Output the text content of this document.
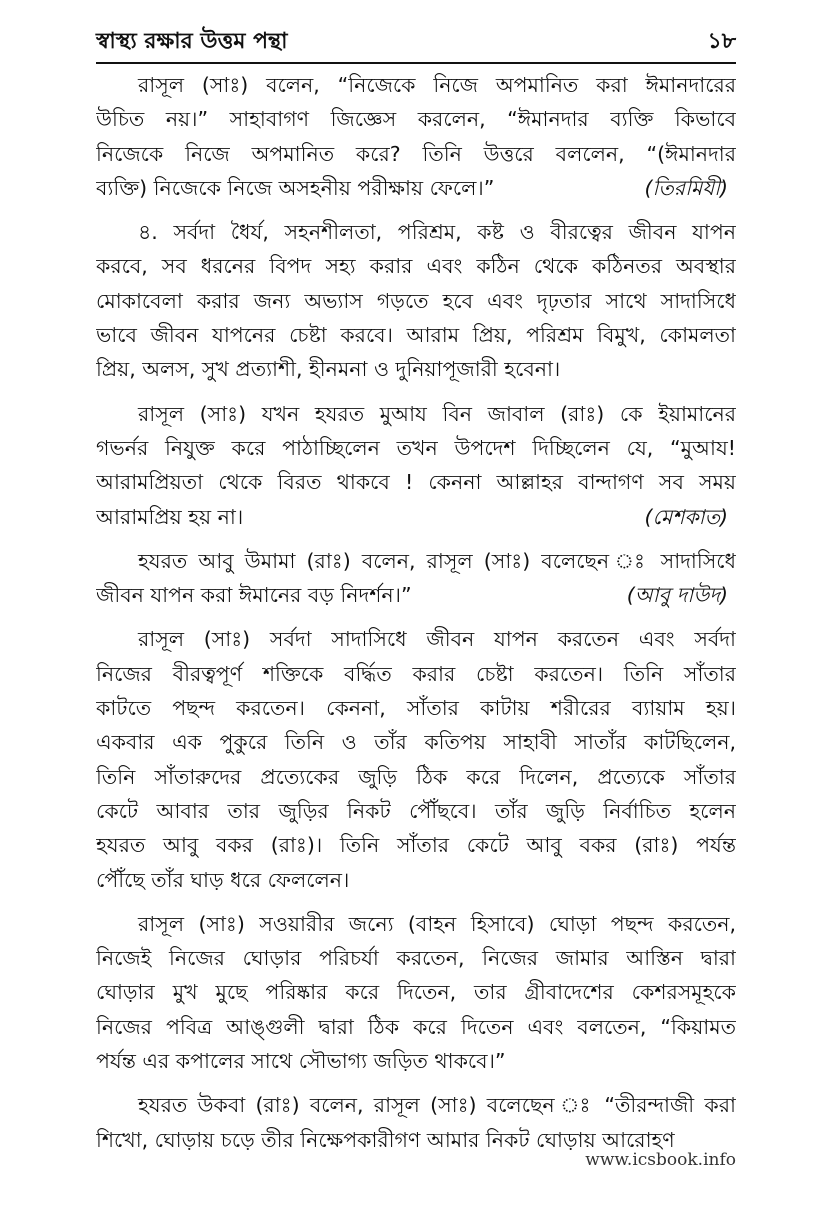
স্বাস্থ্য রক্ষার উত্তম পন্থা	১৮
রাসূল (সাঃ) বলেন, “নিজেকে নিজে অপমানিত করা ঈমানদারের
উচিত নয়।” সাহাবাগণ জিজ্ঞেস করলেন, “ঈমানদার ব্যক্তি কিভাবে
নিজেকে নিজে অপমানিত করে? তিনি উত্তরে বললেন, “(ঈমানদার
ব্যক্তি) নিজেকে নিজে অসহনীয় পরীক্ষায় ফেলে।”	(তিরমিযী)
৪. সর্বদা ধৈর্য, সহনশীলতা, পরিশ্রম, কষ্ট ও বীরত্বের জীবন যাপন
করবে, সব ধরনের বিপদ সহ্য করার এবং কঠিন থেকে কঠিনতর অবস্থার
মোকাবেলা করার জন্য অভ্যাস গড়তে হবে এবং দৃঢ়তার সাথে সাদাসিধে
ভাবে জীবন যাপনের চেষ্টা করবে। আরাম প্রিয়, পরিশ্রম বিমুখ, কোমলতা
প্রিয়, অলস, সুখ প্রত্যাশী, হীনমনা ও দুনিয়াপূজারী হবেনা।
রাসূল (সাঃ) যখন হযরত মুআয বিন জাবাল (রাঃ) কে ইয়ামানের
গভর্নর নিযুক্ত করে পাঠাচ্ছিলেন তখন উপদেশ দিচ্ছিলেন যে, “মুআয!
আরামপ্রিয়তা থেকে বিরত থাকবে ! কেননা আল্লাহর বান্দাগণ সব সময়
আরামপ্রিয় হয় না।	(মেশকাত)
হযরত আবু উমামা (রাঃ) বলেন, রাসূল (সাঃ) বলেছেন ঃ সাদাসিধে
জীবন যাপন করা ঈমানের বড় নিদর্শন।”	(আবু দাউদ)
রাসূল (সাঃ) সর্বদা সাদাসিধে জীবন যাপন করতেন এবং সর্বদা
নিজের বীরত্বপূর্ণ শক্তিকে বর্দ্ধিত করার চেষ্টা করতেন। তিনি সাঁতার
কাটতে পছন্দ করতেন। কেননা, সাঁতার কাটায় শরীরের ব্যায়াম হয়।
একবার এক পুকুরে তিনি ও তাঁর কতিপয় সাহাবী সাতাঁর কাটছিলেন,
তিনি সাঁতারুদের প্রত্যেকের জুড়ি ঠিক করে দিলেন, প্রত্যেকে সাঁতার
কেটে আবার তার জুড়ির নিকট পৌঁছবে। তাঁর জুড়ি নির্বাচিত হলেন
হযরত আবু বকর (রাঃ)। তিনি সাঁতার কেটে আবু বকর (রাঃ) পর্যন্ত
পৌঁছে তাঁর ঘাড় ধরে ফেললেন।
রাসূল (সাঃ) সওয়ারীর জন্যে (বাহন হিসাবে) ঘোড়া পছন্দ করতেন,
নিজেই নিজের ঘোড়ার পরিচর্যা করতেন, নিজের জামার আস্তিন দ্বারা
ঘোড়ার মুখ মুছে পরিষ্কার করে দিতেন, তার গ্রীবাদেশের কেশরসমূহকে
নিজের পবিত্র আঙ্গুলী দ্বারা ঠিক করে দিতেন এবং বলতেন, “কিয়ামত
পর্যন্ত এর কপালের সাথে সৌভাগ্য জড়িত থাকবে।”
হযরত উকবা (রাঃ) বলেন, রাসূল (সাঃ) বলেছেন ঃ “তীরন্দাজী করা
শিখো, ঘোড়ায় চড়ে তীর নিক্ষেপকারীগণ আমার নিকট ঘোড়ায় আরোহণ
www.icsbook.info
